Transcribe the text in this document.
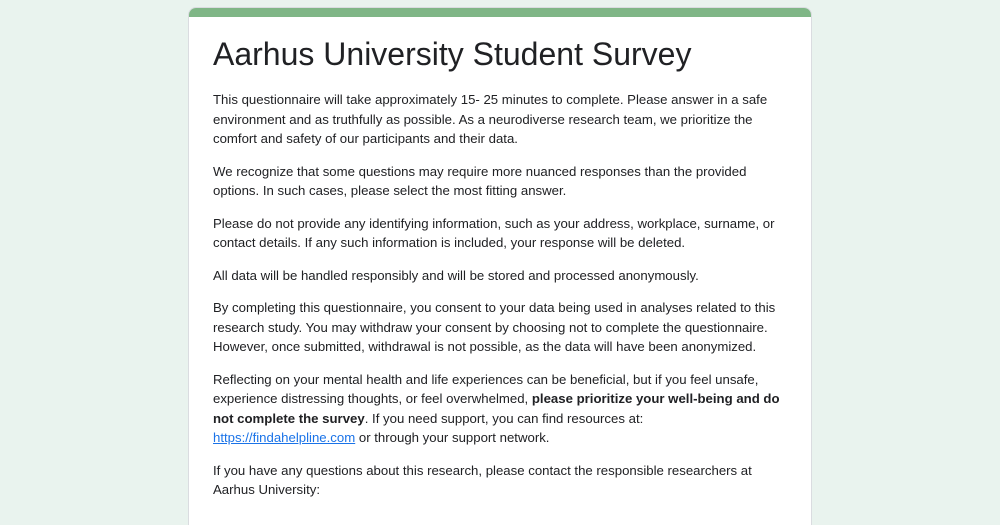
Aarhus University Student Survey

This questionnaire will take approximately 15- 25 minutes to complete. Please answer in a safe environment and as truthfully as possible. As a neurodiverse research team, we prioritize the comfort and safety of our participants and their data.

We recognize that some questions may require more nuanced responses than the provided options. In such cases, please select the most fitting answer.

Please do not provide any identifying information, such as your address, workplace, surname, or contact details. If any such information is included, your response will be deleted.

All data will be handled responsibly and will be stored and processed anonymously.

By completing this questionnaire, you consent to your data being used in analyses related to this research study. You may withdraw your consent by choosing not to complete the questionnaire. However, once submitted, withdrawal is not possible, as the data will have been anonymized.

Reflecting on your mental health and life experiences can be beneficial, but if you feel unsafe, experience distressing thoughts, or feel overwhelmed, please prioritize your well-being and do not complete the survey. If you need support, you can find resources at: https://findahelpline.com or through your support network.

If you have any questions about this research, please contact the responsible researchers at Aarhus University:
